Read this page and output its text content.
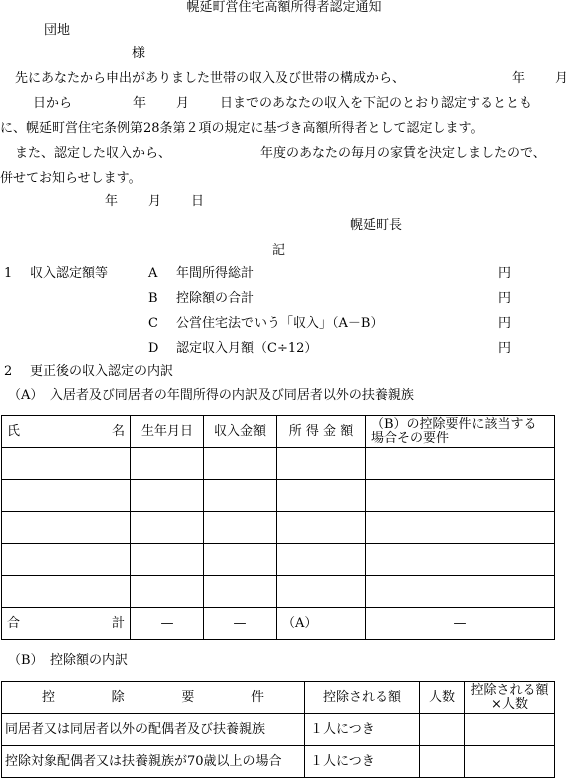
幌延町営住宅高額所得者認定通知
団地
様
先にあなたから申出がありました世帯の収入及び世帯の構成から、	年 月
日から	年 月 日までのあなたの収入を下記のとおり認定するととも
に、幌延町営住宅条例第28条第２項の規定に基づき高額所得者として認定します。
また、認定した収入から、	年度のあなたの毎月の家賃を決定しましたので、
併せてお知らせします。
年 月 日
幌延町長
記
1 収入認定額等	A 年間所得総計	円
B 控除額の合計	円
C 公営住宅法でいう「収入」（A－B）	円
D 認定収入月額（C÷12）	円
2 更正後の収入認定の内訳
（A）　入居者及び同居者の年間所得の内訳及び同居者以外の扶養親族
氏 名	生年月日	収入金額	所 得 金 額	（B）の控除要件に該当する場合その要件

合 計	—	—	（A）	—
（B）　控除額の内訳
控 除 要 件	控除される額	人数	控除される額×人数
同居者又は同居者以外の配偶者及び扶養親族	１人につき		
控除対象配偶者又は扶養親族が70歳以上の場合	１人につき		
